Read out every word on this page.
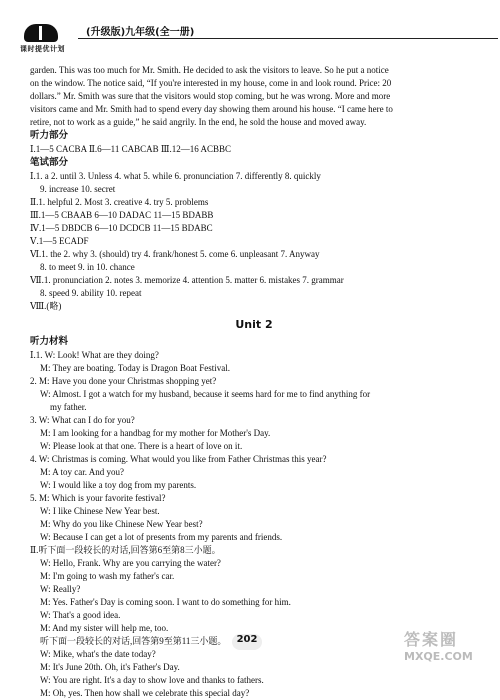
课时提优计划
(升级版)九年级(全一册)
garden. This was too much for Mr. Smith. He decided to ask the visitors to leave. So he put a notice
on the window. The notice said, “If you're interested in my house, come in and look round. Price: 20
dollars.” Mr. Smith was sure that the visitors would stop coming, but he was wrong. More and more
visitors came and Mr. Smith had to spend every day showing them around his house. “I came here to
retire, not to work as a guide,” he said angrily. In the end, he sold the house and moved away.
听力部分
Ⅰ.1—5 CACBA Ⅱ.6—11 CABCAB Ⅲ.12—16 ACBBC
笔试部分
Ⅰ.1. a 2. until 3. Unless 4. what 5. while 6. pronunciation 7. differently 8. quickly
9. increase 10. secret
Ⅱ.1. helpful 2. Most 3. creative 4. try 5. problems
Ⅲ.1—5 CBAAB 6—10 DADAC 11—15 BDABB
Ⅳ.1—5 DBDCB 6—10 DCDCB 11—15 BDABC
Ⅴ.1—5 ECADF
Ⅵ.1. the 2. why 3. (should) try 4. frank/honest 5. come 6. unpleasant 7. Anyway
8. to meet 9. in 10. chance
Ⅶ.1. pronunciation 2. notes 3. memorize 4. attention 5. matter 6. mistakes 7. grammar
8. speed 9. ability 10. repeat
Ⅷ.(略)
Unit 2
听力材料
Ⅰ.1. W: Look! What are they doing?
M: They are boating. Today is Dragon Boat Festival.
2. M: Have you done your Christmas shopping yet?
W: Almost. I got a watch for my husband, because it seems hard for me to find anything for
my father.
3. W: What can I do for you?
M: I am looking for a handbag for my mother for Mother's Day.
W: Please look at that one. There is a heart of love on it.
4. W: Christmas is coming. What would you like from Father Christmas this year?
M: A toy car. And you?
W: I would like a toy dog from my parents.
5. M: Which is your favorite festival?
W: I like Chinese New Year best.
M: Why do you like Chinese New Year best?
W: Because I can get a lot of presents from my parents and friends.
Ⅱ.听下面一段较长的对话,回答第6至第8三小题。
W: Hello, Frank. Why are you carrying the water?
M: I'm going to wash my father's car.
W: Really?
M: Yes. Father's Day is coming soon. I want to do something for him.
W: That's a good idea.
M: And my sister will help me, too.
听下面一段较长的对话,回答第9至第11三小题。
W: Mike, what's the date today?
M: It's June 20th. Oh, it's Father's Day.
W: You are right. It's a day to show love and thanks to fathers.
M: Oh, yes. Then how shall we celebrate this special day?
202	答案圈
MXQE.COM
